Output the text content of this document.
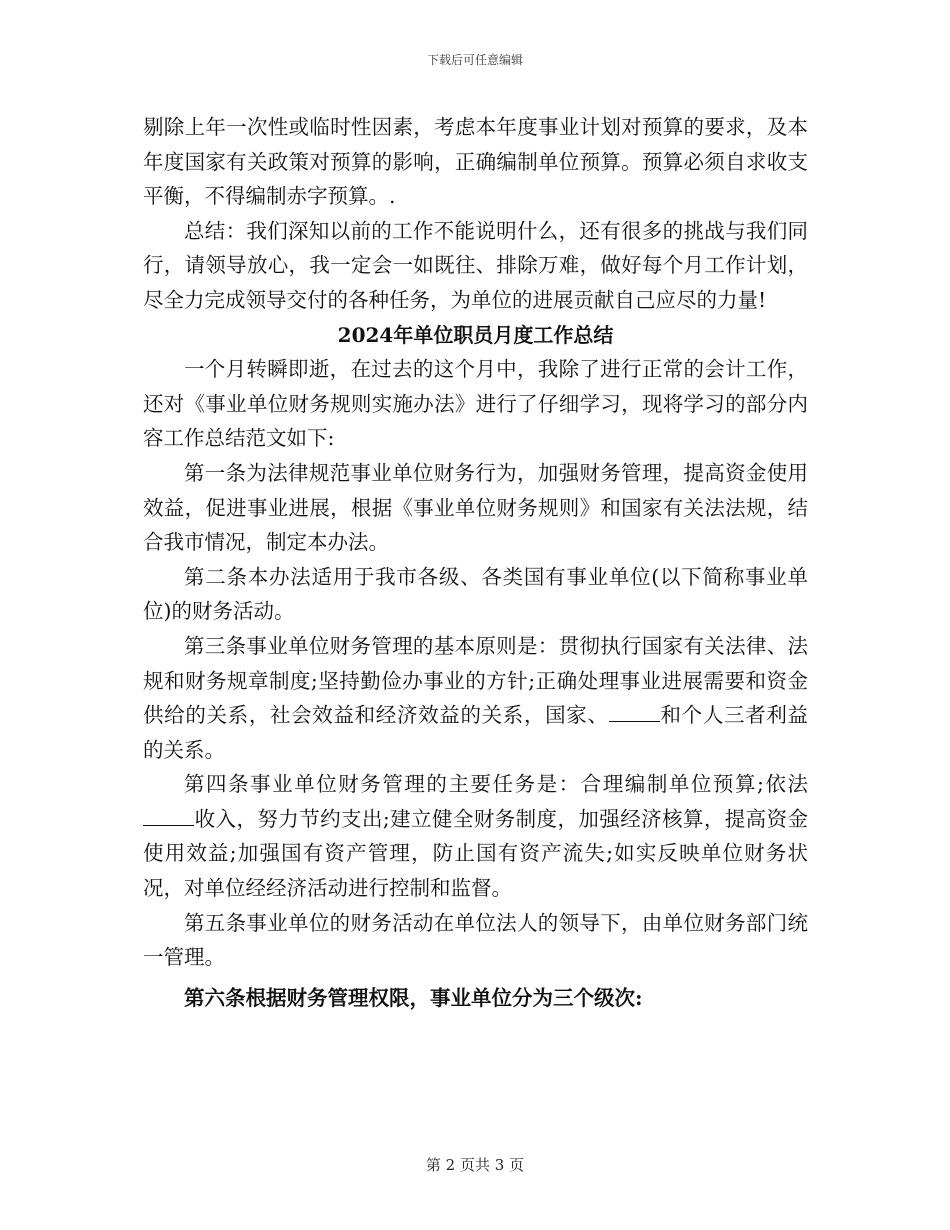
下载后可任意编辑

剔除上年一次性或临时性因素，考虑本年度事业计划对预算的要求，及本年度国家有关政策对预算的影响，正确编制单位预算。预算必须自求收支平衡，不得编制赤字预算。.

总结：我们深知以前的工作不能说明什么，还有很多的挑战与我们同行，请领导放心，我一定会一如既往、排除万难，做好每个月工作计划，尽全力完成领导交付的各种任务，为单位的进展贡献自己应尽的力量!

2024年单位职员月度工作总结

一个月转瞬即逝，在过去的这个月中，我除了进行正常的会计工作，还对《事业单位财务规则实施办法》进行了仔细学习，现将学习的部分内容工作总结范文如下:

第一条为法律规范事业单位财务行为，加强财务管理，提高资金使用效益，促进事业进展，根据《事业单位财务规则》和国家有关法法规，结合我市情况，制定本办法。

第二条本办法适用于我市各级、各类国有事业单位(以下简称事业单位)的财务活动。

第三条事业单位财务管理的基本原则是：贯彻执行国家有关法律、法规和财务规章制度;坚持勤俭办事业的方针;正确处理事业进展需要和资金供给的关系，社会效益和经济效益的关系，国家、	和个人三者利益的关系。

第四条事业单位财务管理的主要任务是：合理编制单位预算;依法收入，努力节约支出;建立健全财务制度，加强经济核算，提高资金使用效益;加强国有资产管理，防止国有资产流失;如实反映单位财务状况，对单位经经济活动进行控制和监督。

第五条事业单位的财务活动在单位法人的领导下，由单位财务部门统一管理。

第六条根据财务管理权限，事业单位分为三个级次:

第 2 页共 3 页
